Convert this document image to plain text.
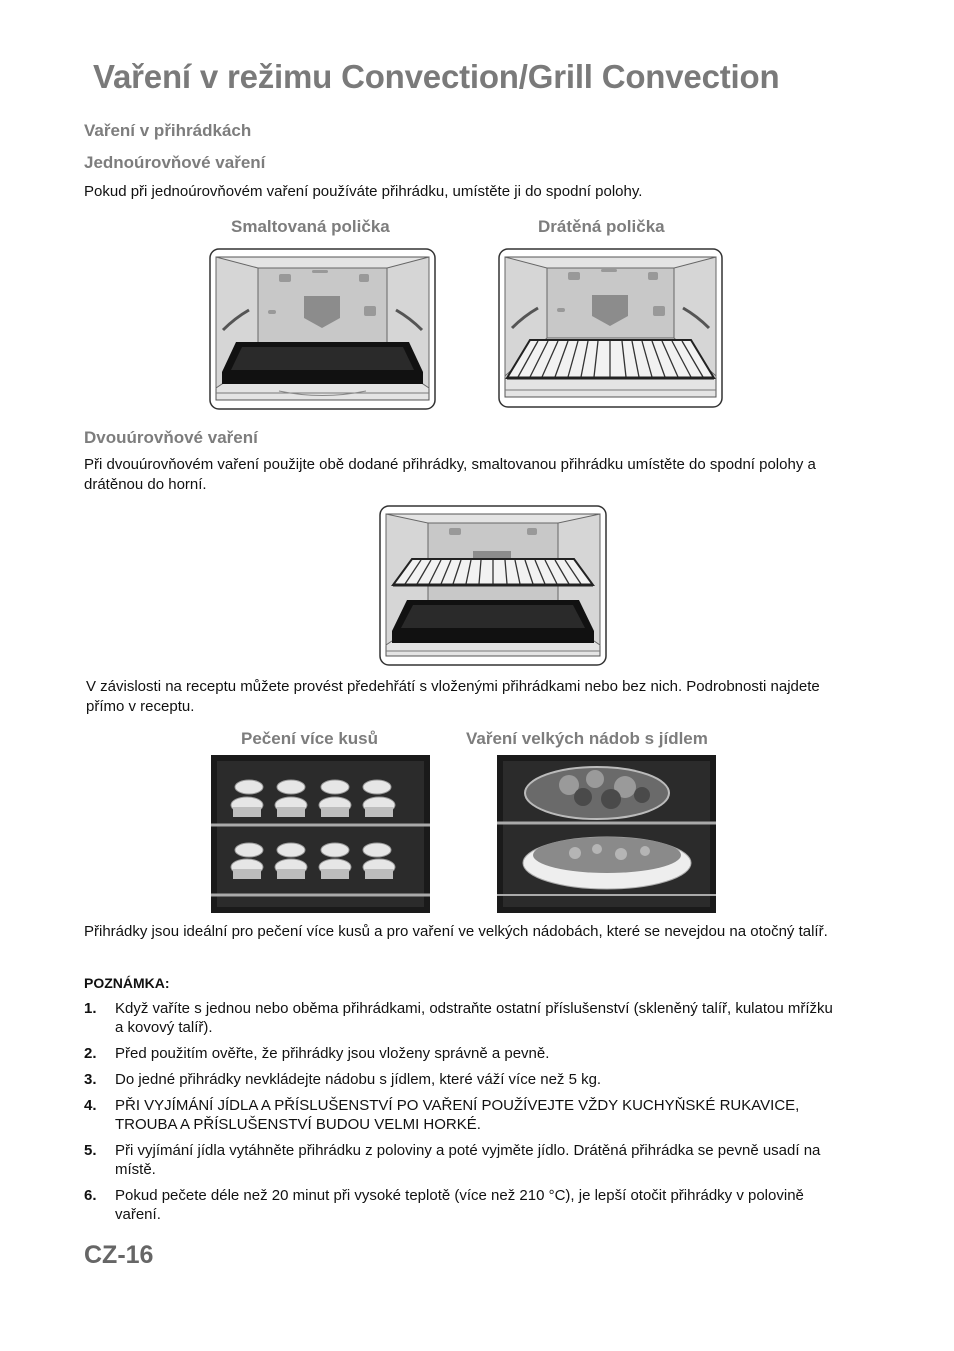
Vaření v režimu Convection/Grill Convection
Vaření v přihrádkách
Jednoúrovňové vaření
Pokud při jednoúrovňovém vaření používáte přihrádku, umístěte ji do spodní polohy.
Smaltovaná polička	Drátěná polička
Dvouúrovňové vaření
Při dvouúrovňovém vaření použijte obě dodané přihrádky, smaltovanou přihrádku umístěte do spodní polohy a drátěnou do horní.
V závislosti na receptu můžete provést předehřátí s vloženými přihrádkami nebo bez nich. Podrobnosti najdete přímo v receptu.
Pečení více kusů	Vaření velkých nádob s jídlem
Přihrádky jsou ideální pro pečení více kusů a pro vaření ve velkých nádobách, které se nevejdou na otočný talíř.
POZNÁMKA:
1. Když vaříte s jednou nebo oběma přihrádkami, odstraňte ostatní příslušenství (skleněný talíř, kulatou mřížku a kovový talíř).
2. Před použitím ověřte, že přihrádky jsou vloženy správně a pevně.
3. Do jedné přihrádky nevkládejte nádobu s jídlem, které váží více než 5 kg.
4. PŘI VYJÍMÁNÍ JÍDLA A PŘÍSLUŠENSTVÍ PO VAŘENÍ POUŽÍVEJTE VŽDY KUCHYŇSKÉ RUKAVICE, TROUBA A PŘÍSLUŠENSTVÍ BUDOU VELMI HORKÉ.
5. Při vyjímání jídla vytáhněte přihrádku z poloviny a poté vyjměte jídlo. Drátěná přihrádka se pevně usadí na místě.
6. Pokud pečete déle než 20 minut při vysoké teplotě (více než 210 °C), je lepší otočit přihrádky v polovině vaření.
CZ-16
